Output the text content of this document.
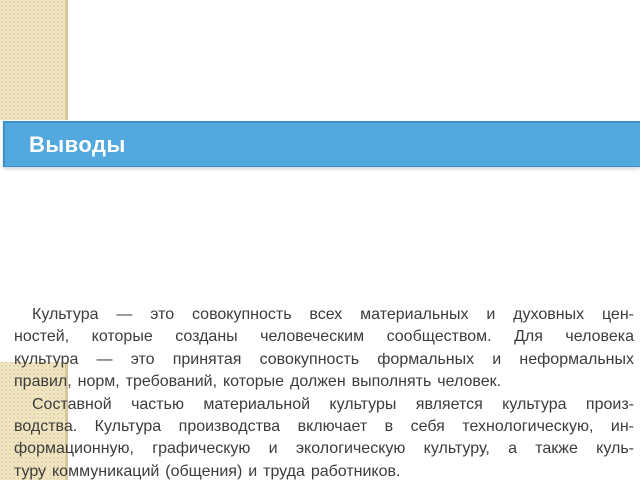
Выводы
Культура — это совокупность всех материальных и духовных цен-
ностей, которые созданы человеческим сообществом. Для человека
культура — это принятая совокупность формальных и неформальных
правил, норм, требований, которые должен выполнять человек.
Составной частью материальной культуры является культура произ-
водства. Культура производства включает в себя технологическую, ин-
формационную, графическую и экологическую культуру, а также куль-
туру коммуникаций (общения) и труда работников.
